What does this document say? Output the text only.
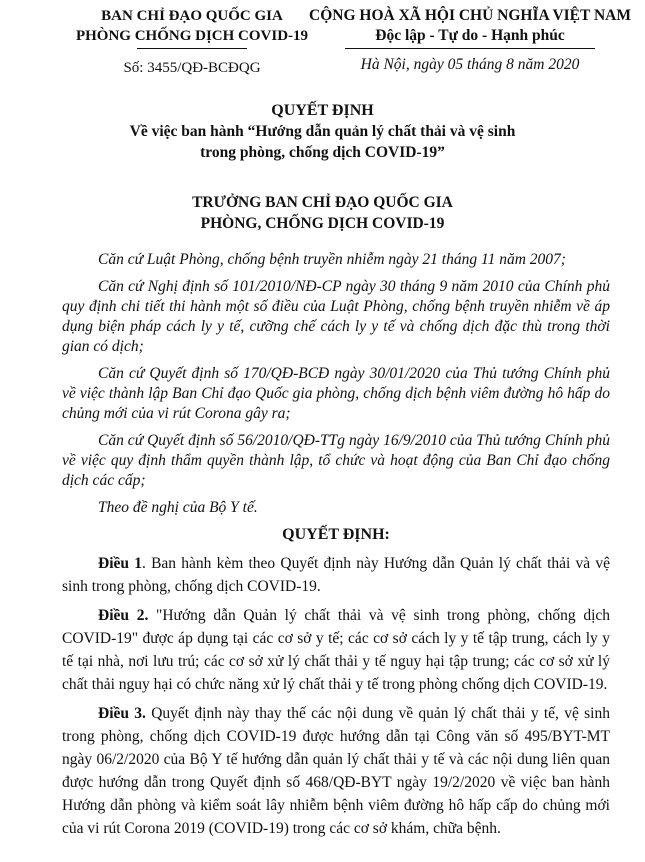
BAN CHỈ ĐẠO QUỐC GIA
PHÒNG CHỐNG DỊCH COVID-19
CỘNG HOÀ XÃ HỘI CHỦ NGHĨA VIỆT NAM
Độc lập - Tự do - Hạnh phúc
Số: 3455/QĐ-BCĐQG	Hà Nội, ngày 05 tháng 8 năm 2020
QUYẾT ĐỊNH
Về việc ban hành “Hướng dẫn quản lý chất thải và vệ sinh
trong phòng, chống dịch COVID-19”
TRƯỞNG BAN CHỈ ĐẠO QUỐC GIA
PHÒNG, CHỐNG DỊCH COVID-19

Căn cứ Luật Phòng, chống bệnh truyền nhiễm ngày 21 tháng 11 năm 2007;

Căn cứ Nghị định số 101/2010/NĐ-CP ngày 30 tháng 9 năm 2010 của Chính phủ quy định chi tiết thi hành một số điều của Luật Phòng, chống bệnh truyền nhiễm về áp dụng biện pháp cách ly y tế, cưỡng chế cách ly y tế và chống dịch đặc thù trong thời gian có dịch;

Căn cứ Quyết định số 170/QĐ-BCĐ ngày 30/01/2020 của Thủ tướng Chính phủ về việc thành lập Ban Chỉ đạo Quốc gia phòng, chống dịch bệnh viêm đường hô hấp do chủng mới của vi rút Corona gây ra;

Căn cứ Quyết định số 56/2010/QĐ-TTg ngày 16/9/2010 của Thủ tướng Chính phủ về việc quy định thẩm quyền thành lập, tổ chức và hoạt động của Ban Chỉ đạo chống dịch các cấp;

Theo đề nghị của Bộ Y tế.

QUYẾT ĐỊNH:

Điều 1. Ban hành kèm theo Quyết định này Hướng dẫn Quản lý chất thải và vệ sinh trong phòng, chống dịch COVID-19.

Điều 2. "Hướng dẫn Quản lý chất thải và vệ sinh trong phòng, chống dịch COVID-19" được áp dụng tại các cơ sở y tế; các cơ sở cách ly y tế tập trung, cách ly y tế tại nhà, nơi lưu trú; các cơ sở xử lý chất thải y tế nguy hại tập trung; các cơ sở xử lý chất thải nguy hại có chức năng xử lý chất thải y tế trong phòng chống dịch COVID-19.

Điều 3. Quyết định này thay thế các nội dung về quản lý chất thải y tế, vệ sinh trong phòng, chống dịch COVID-19 được hướng dẫn tại Công văn số 495/BYT-MT ngày 06/2/2020 của Bộ Y tế hướng dẫn quản lý chất thải y tế và các nội dung liên quan được hướng dẫn trong Quyết định số 468/QĐ-BYT ngày 19/2/2020 về việc ban hành Hướng dẫn phòng và kiểm soát lây nhiễm bệnh viêm đường hô hấp cấp do chủng mới của vi rút Corona 2019 (COVID-19) trong các cơ sở khám, chữa bệnh.
